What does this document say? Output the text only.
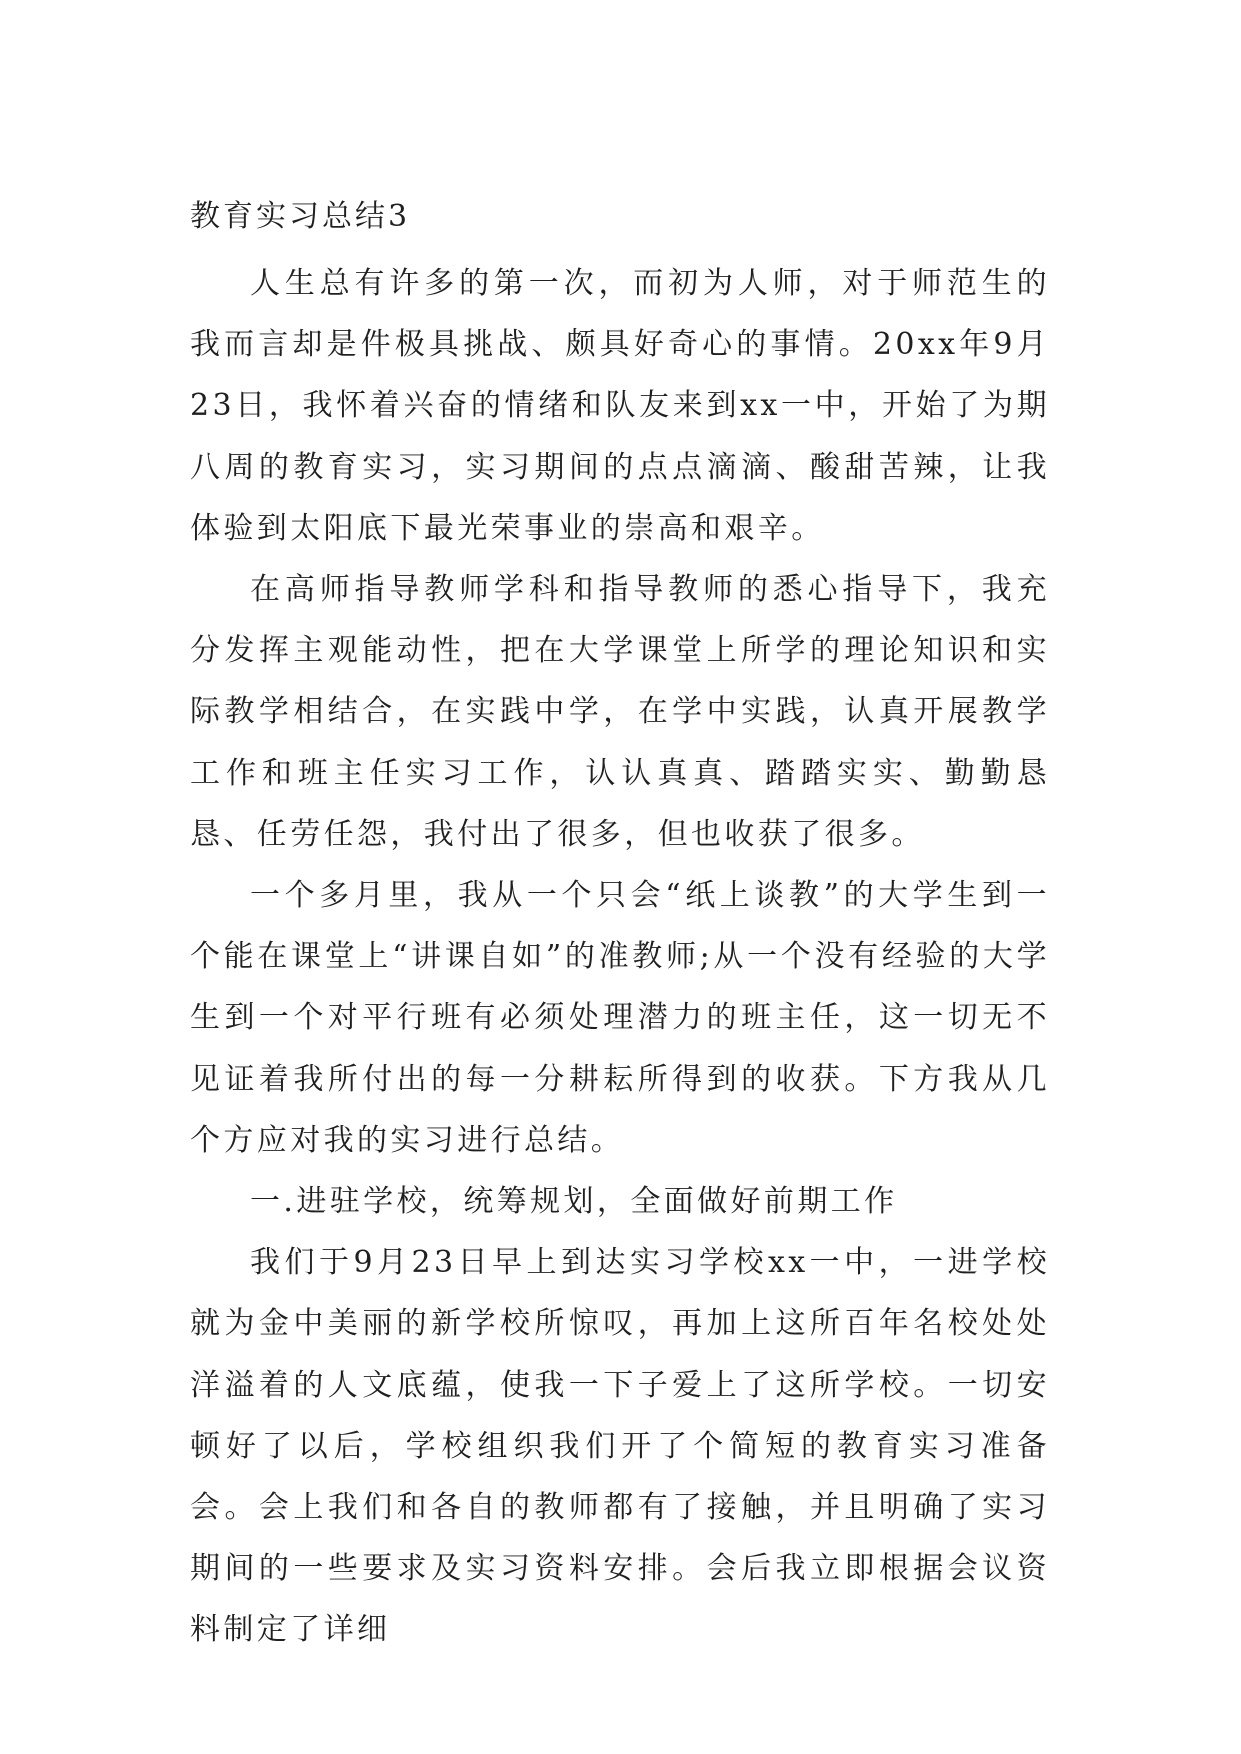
教育实习总结3

人生总有许多的第一次，而初为人师，对于师范生的我而言却是件极具挑战、颇具好奇心的事情。20xx年9月23日，我怀着兴奋的情绪和队友来到xx一中，开始了为期八周的教育实习，实习期间的点点滴滴、酸甜苦辣，让我体验到太阳底下最光荣事业的崇高和艰辛。

在高师指导教师学科和指导教师的悉心指导下，我充分发挥主观能动性，把在大学课堂上所学的理论知识和实际教学相结合，在实践中学，在学中实践，认真开展教学工作和班主任实习工作，认认真真、踏踏实实、勤勤恳恳、任劳任怨，我付出了很多，但也收获了很多。

一个多月里，我从一个只会“纸上谈教”的大学生到一个能在课堂上“讲课自如”的准教师;从一个没有经验的大学生到一个对平行班有必须处理潜力的班主任，这一切无不见证着我所付出的每一分耕耘所得到的收获。下方我从几个方应对我的实习进行总结。

一.进驻学校，统筹规划，全面做好前期工作

我们于9月23日早上到达实习学校xx一中，一进学校就为金中美丽的新学校所惊叹，再加上这所百年名校处处洋溢着的人文底蕴，使我一下子爱上了这所学校。一切安顿好了以后，学校组织我们开了个简短的教育实习准备会。会上我们和各自的教师都有了接触，并且明确了实习期间的一些要求及实习资料安排。会后我立即根据会议资料制定了详细
